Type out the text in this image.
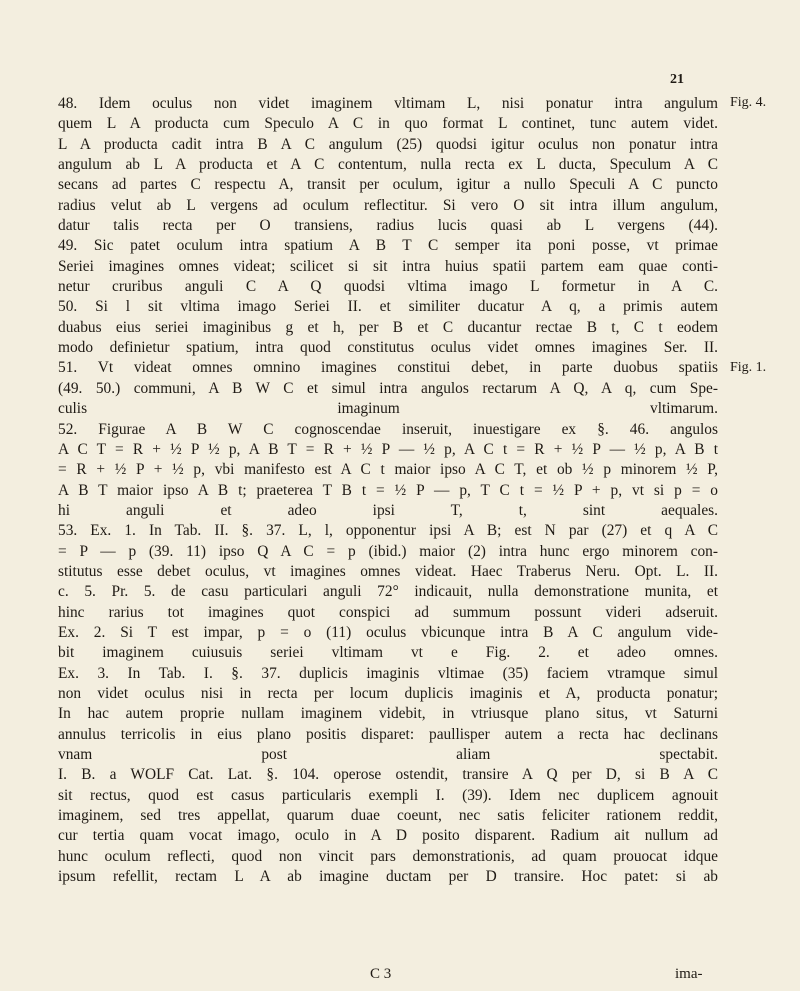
21
Fig. 4.
Fig. 1.
48. Idem oculus non videt imaginem vltimam L, nisi ponatur intra angulum
quem L A producta cum Speculo A C in quo format L continet, tunc autem videt.
L A producta cadit intra B A C angulum (25) quodsi igitur oculus non ponatur intra
angulum ab L A producta et A C contentum, nulla recta ex L ducta, Speculum A C
secans ad partes C respectu A, transit per oculum, igitur a nullo Speculi A C puncto
radius velut ab L vergens ad oculum reflectitur. Si vero O sit intra illum angulum,
datur talis recta per O transiens, radius lucis quasi ab L vergens (44).
49. Sic patet oculum intra spatium A B T C semper ita poni posse, vt primae
Seriei imagines omnes videat; scilicet si sit intra huius spatii partem eam quae conti-
netur cruribus anguli C A Q quodsi vltima imago L formetur in A C.
50. Si l sit vltima imago Seriei II. et similiter ducatur A q, a primis autem
duabus eius seriei imaginibus g et h, per B et C ducantur rectae B t, C t eodem
modo definietur spatium, intra quod constitutus oculus videt omnes imagines Ser. II.
51. Vt videat omnes omnino imagines constitui debet, in parte duobus spatiis
(49. 50.) communi, A B W C et simul intra angulos rectarum A Q, A q, cum Spe-
culis imaginum vltimarum.
52. Figurae A B W C cognoscendae inseruit, inuestigare ex §. 46. angulos
A C T = R + ½ P ½ p, A B T = R + ½ P — ½ p, A C t = R + ½ P — ½ p, A B t
= R + ½ P + ½ p, vbi manifesto est A C t maior ipso A C T, et ob ½ p minorem ½ P,
A B T maior ipso A B t; praeterea T B t = ½ P — p, T C t = ½ P + p, vt si p = o
hi anguli et adeo ipsi T, t, sint aequales.
53. Ex. 1. In Tab. II. §. 37. L, l, opponentur ipsi A B; est N par (27) et q A C
= P — p (39. 11) ipso Q A C = p (ibid.) maior (2) intra hunc ergo minorem con-
stitutus esse debet oculus, vt imagines omnes videat. Haec Traberus Neru. Opt. L. II.
c. 5. Pr. 5. de casu particulari anguli 72° indicauit, nulla demonstratione munita, et
hinc rarius tot imagines quot conspici ad summum possunt videri adseruit.
Ex. 2. Si T est impar, p = o (11) oculus vbicunque intra B A C angulum vide-
bit imaginem cuiusuis seriei vltimam vt e Fig. 2. et adeo omnes.
Ex. 3. In Tab. I. §. 37. duplicis imaginis vltimae (35) faciem vtramque simul
non videt oculus nisi in recta per locum duplicis imaginis et A, producta ponatur;
In hac autem proprie nullam imaginem videbit, in vtriusque plano situs, vt Saturni
annulus terricolis in eius plano positis disparet: paullisper autem a recta hac declinans
vnam post aliam spectabit.
I. B. a WOLF Cat. Lat. §. 104. operose ostendit, transire A Q per D, si B A C
sit rectus, quod est casus particularis exempli I. (39). Idem nec duplicem agnouit
imaginem, sed tres appellat, quarum duae coeunt, nec satis feliciter rationem reddit,
cur tertia quam vocat imago, oculo in A D posito disparent. Radium ait nullum ad
hunc oculum reflecti, quod non vincit pars demonstrationis, ad quam prouocat idque
ipsum refellit, rectam L A ab imagine ductam per D transire. Hoc patet: si ab
C 3	ima-
